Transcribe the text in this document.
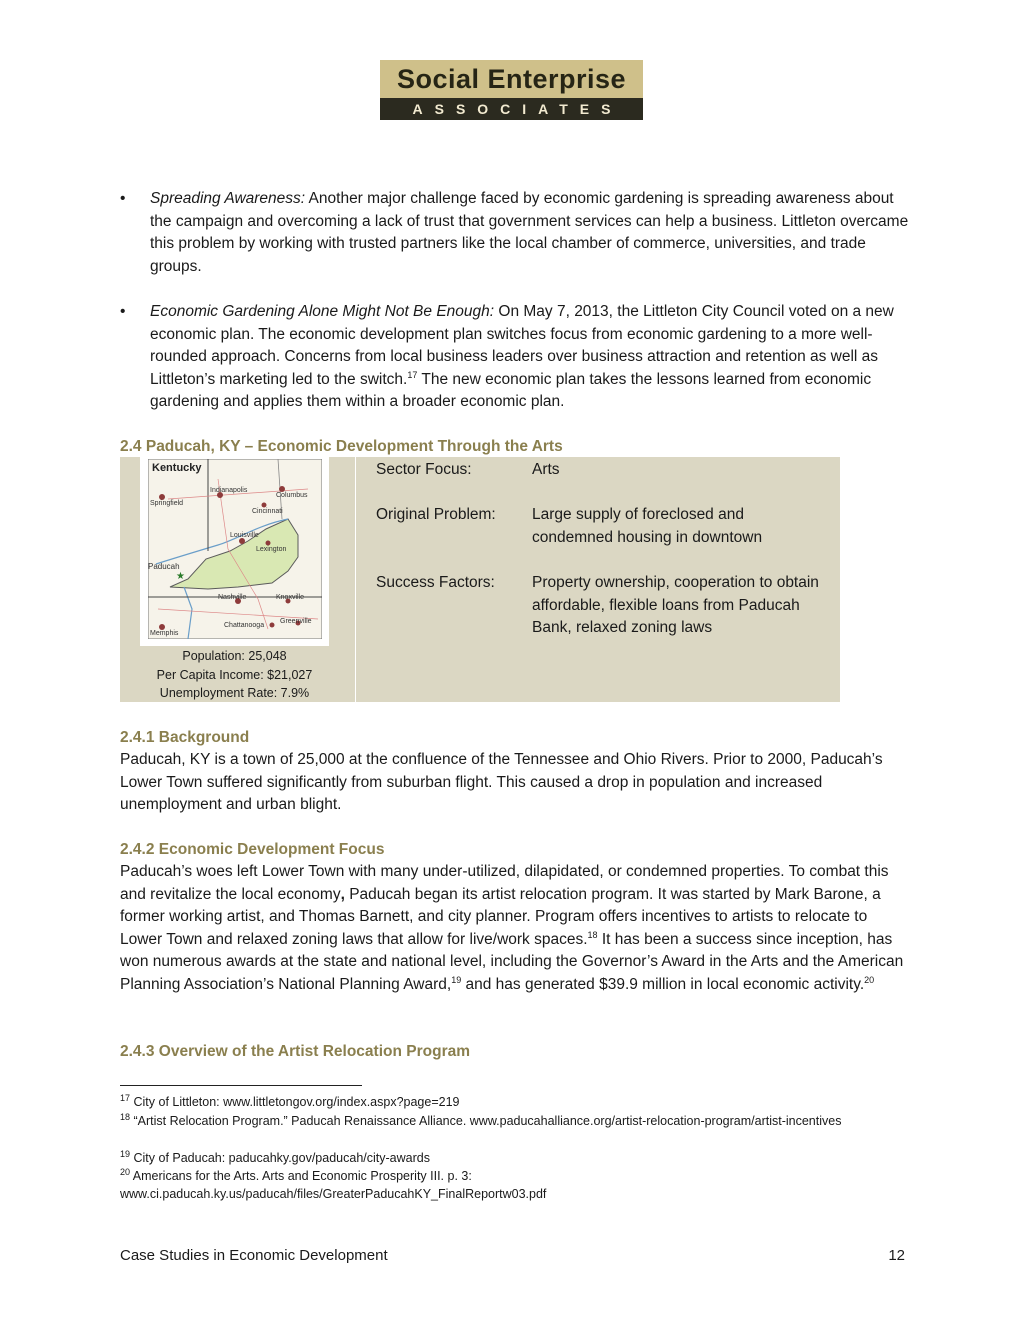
Social Enterprise
ASSOCIATES
• Spreading Awareness: Another major challenge faced by economic gardening is spreading awareness about the campaign and overcoming a lack of trust that government services can help a business. Littleton overcame this problem by working with trusted partners like the local chamber of commerce, universities, and trade groups.
• Economic Gardening Alone Might Not Be Enough: On May 7, 2013, the Littleton City Council voted on a new economic plan. The economic development plan switches focus from economic gardening to a more well-rounded approach. Concerns from local business leaders over business attraction and retention as well as Littleton’s marketing led to the switch.$^{17}$ The new economic plan takes the lessons learned from economic gardening and applies them within a broader economic plan.
2.4 Paducah, KY – Economic Development Through the Arts
★
Kentucky
Indianapolis
Columbus
Springfield
Cincinnati
Louisville
Lexington
Paducah
Nashville	Knoxville
Chattanooga
Greenville
Memphis
Population: 25,048
Per Capita Income: $21,027
Unemployment Rate: 7.9%
Sector Focus:	Arts
Original Problem: Large supply of foreclosed and condemned housing in downtown
Success Factors: Property ownership, cooperation to obtain affordable, flexible loans from Paducah Bank, relaxed zoning laws
2.4.1 Background
Paducah, KY is a town of 25,000 at the confluence of the Tennessee and Ohio Rivers. Prior to 2000, Paducah’s Lower Town suffered significantly from suburban flight. This caused a drop in population and increased unemployment and urban blight.
2.4.2 Economic Development Focus
Paducah’s woes left Lower Town with many under-utilized, dilapidated, or condemned properties. To combat this and revitalize the local economy, Paducah began its artist relocation program. It was started by Mark Barone, a former working artist, and Thomas Barnett, and city planner. Program offers incentives to artists to relocate to Lower Town and relaxed zoning laws that allow for live/work spaces.$^{18}$ It has been a success since inception, has won numerous awards at the state and national level, including the Governor’s Award in the Arts and the American Planning Association’s National Planning Award,$^{19}$ and has generated $39.9 million in local economic activity.$^{20}$
2.4.3 Overview of the Artist Relocation Program
$^{17}$ City of Littleton: www.littletongov.org/index.aspx?page=219
$^{18}$ “Artist Relocation Program.” Paducah Renaissance Alliance. www.paducahalliance.org/artist-relocation-program/artist-incentives
$^{19}$ City of Paducah: paducahky.gov/paducah/city-awards
$^{20}$ Americans for the Arts. Arts and Economic Prosperity III. p. 3: www.ci.paducah.ky.us/paducah/files/GreaterPaducahKY_FinalReportw03.pdf
Case Studies in Economic Development	12
